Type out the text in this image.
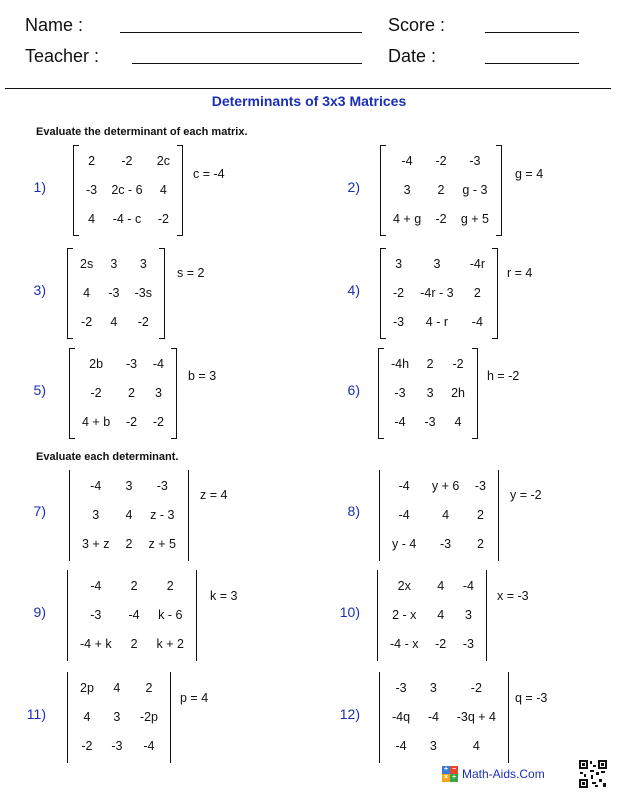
Name :
Teacher :
Score :
Date :
Determinants of 3x3 Matrices
Evaluate the determinant of each matrix.
Evaluate each determinant.
1)
2	-2	2c
-3	2c - 6	4
4	-4 - c	-2
c = -4
2)
-4	-2	-3
3	2	g - 3
4 + g	-2	g + 5
g = 4
3)
2s	3	3
4	-3	-3s
-2	4	-2
s = 2
4)
3	3	-4r
-2	-4r - 3	2
-3	4 - r	-4
r = 4
5)
2b	-3	-4
-2	2	3
4 + b	-2	-2
b = 3
6)
-4h	2	-2
-3	3	2h
-4	-3	4
h = -2
7)
-4	3	-3
3	4	z - 3
3 + z	2	z + 5
z = 4
8)
-4	y + 6	-3
-4	4	2
y - 4	-3	2
y = -2
9)
-4	2	2
-3	-4	k - 6
-4 + k	2	k + 2
k = 3
10)
2x	4	-4
2 - x	4	3
-4 - x	-2	-3
x = -3
11)
2p	4	2
4	3	-2p
-2	-3	-4
p = 4
12)
-3	3	-2
-4q	-4	-3q + 4
-4	3	4
q = -3
+ −
× ÷ Math-Aids.Com
